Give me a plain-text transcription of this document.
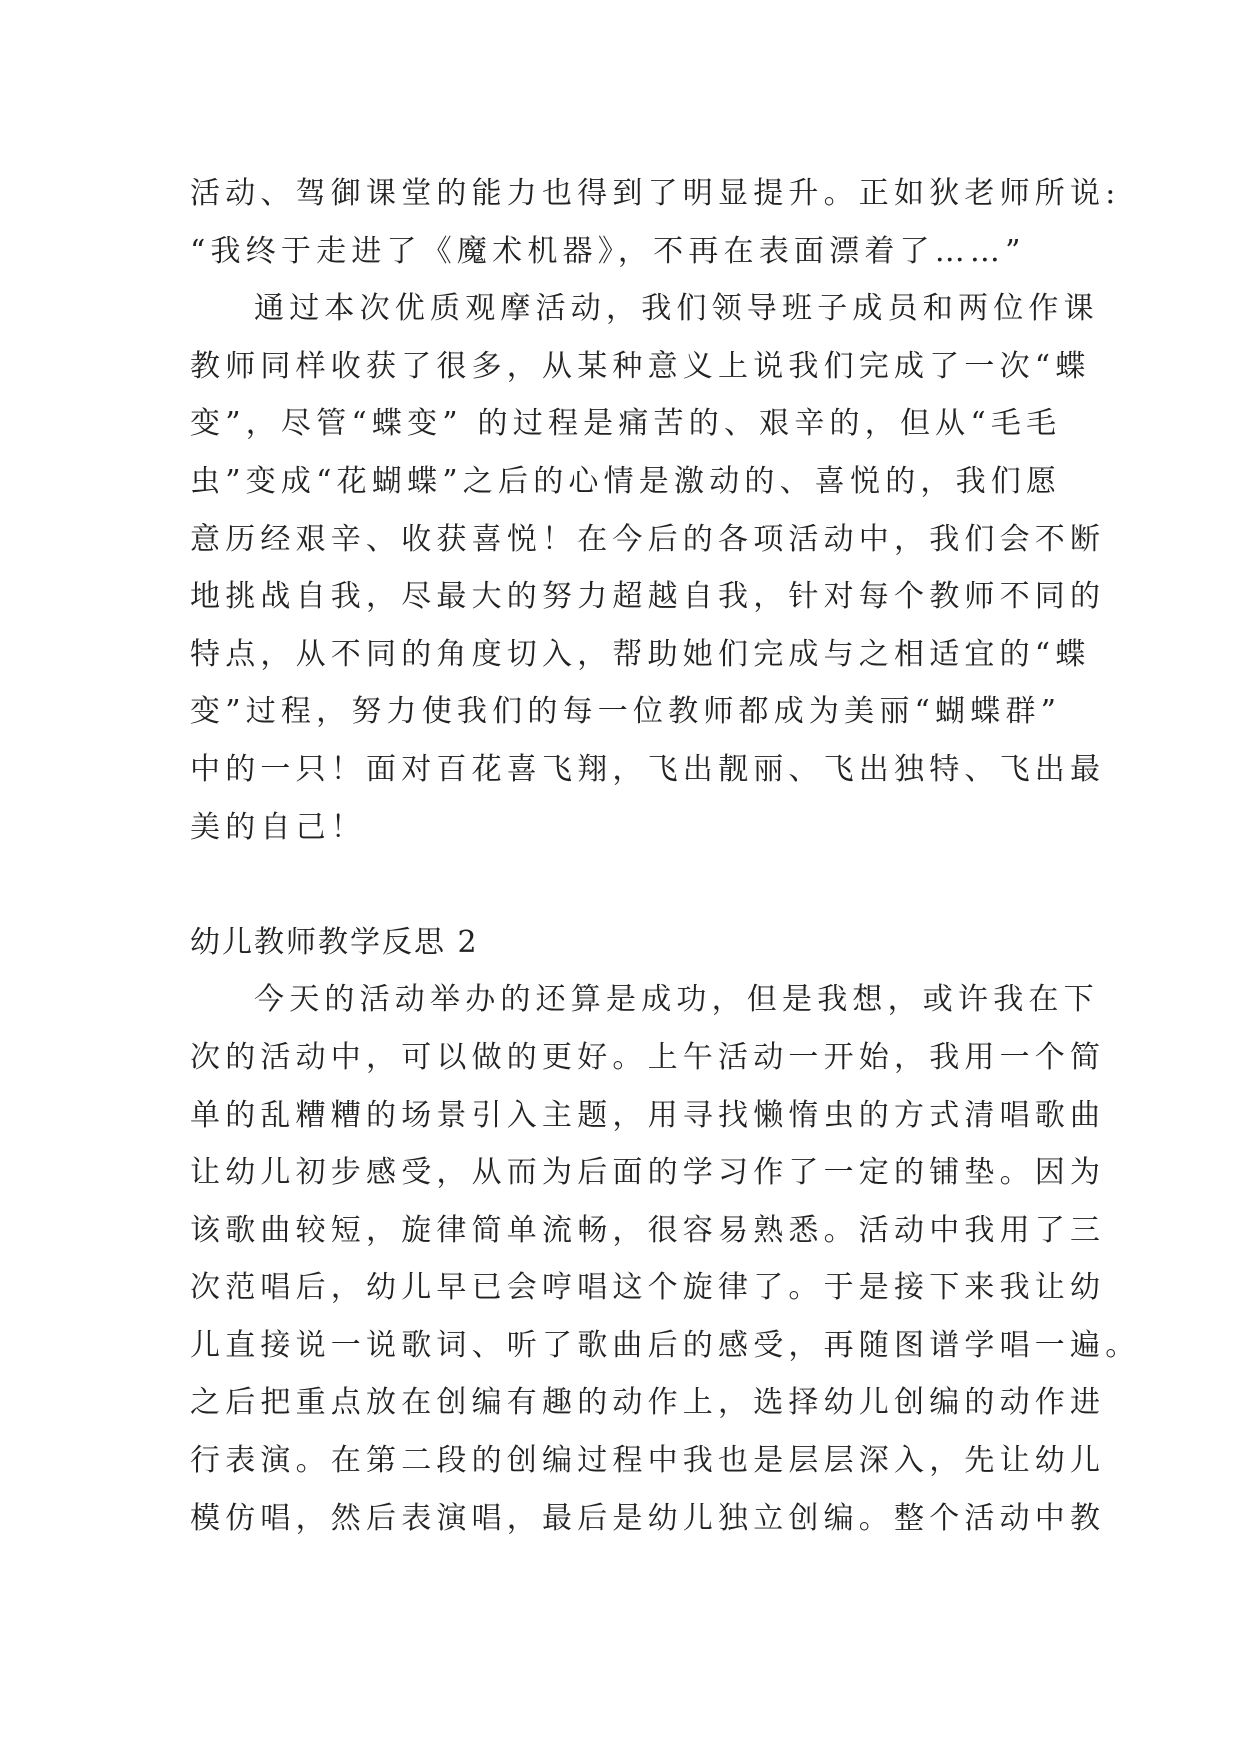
活动、驾御课堂的能力也得到了明显提升。正如狄老师所说:
“我终于走进了《魔术机器》，不再在表面漂着了……”
通过本次优质观摩活动，我们领导班子成员和两位作课
教师同样收获了很多，从某种意义上说我们完成了一次“蝶
变”，尽管“蝶变” 的过程是痛苦的、艰辛的，但从“毛毛
虫”变成“花蝴蝶”之后的心情是激动的、喜悦的，我们愿
意历经艰辛、收获喜悦！在今后的各项活动中，我们会不断
地挑战自我，尽最大的努力超越自我，针对每个教师不同的
特点，从不同的角度切入，帮助她们完成与之相适宜的“蝶
变”过程，努力使我们的每一位教师都成为美丽“蝴蝶群”
中的一只！面对百花喜飞翔，飞出靓丽、飞出独特、飞出最
美的自己！
幼儿教师教学反思 2
今天的活动举办的还算是成功，但是我想，或许我在下
次的活动中，可以做的更好。上午活动一开始，我用一个简
单的乱糟糟的场景引入主题，用寻找懒惰虫的方式清唱歌曲
让幼儿初步感受，从而为后面的学习作了一定的铺垫。因为
该歌曲较短，旋律简单流畅，很容易熟悉。活动中我用了三
次范唱后，幼儿早已会哼唱这个旋律了。于是接下来我让幼
儿直接说一说歌词、听了歌曲后的感受，再随图谱学唱一遍。
之后把重点放在创编有趣的动作上，选择幼儿创编的动作进
行表演。在第二段的创编过程中我也是层层深入，先让幼儿
模仿唱，然后表演唱，最后是幼儿独立创编。整个活动中教
